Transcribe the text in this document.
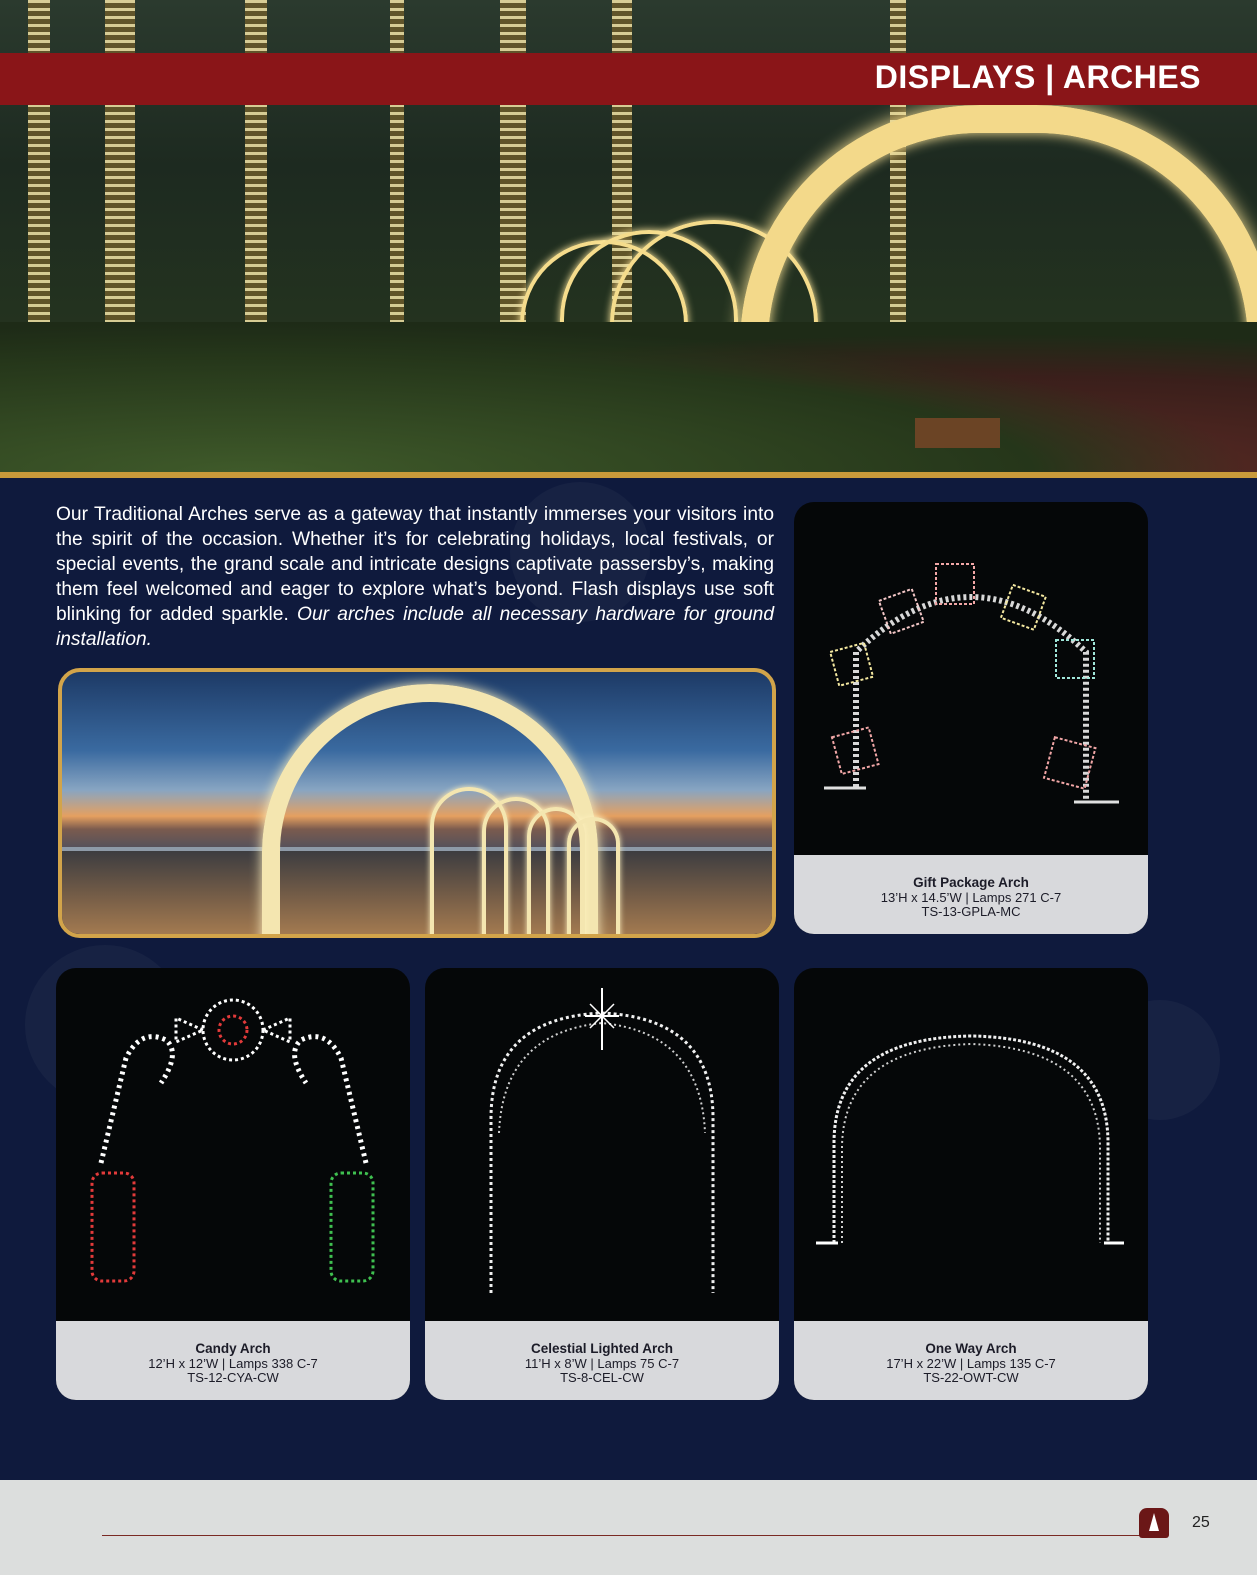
DISPLAYS | ARCHES
Our Traditional Arches serve as a gateway that instantly immerses your visitors into the spirit of the occasion. Whether it’s for celebrating holidays, local festivals, or special events, the grand scale and intricate designs captivate passersby’s, making them feel welcomed and eager to explore what’s beyond. Flash displays use soft blinking for added sparkle. Our arches include all necessary hardware for ground installation.
Gift Package Arch
13’H x 14.5’W | Lamps 271 C-7
TS-13-GPLA-MC
Candy Arch
12’H x 12’W | Lamps 338 C-7
TS-12-CYA-CW
Celestial Lighted Arch
11’H x 8’W | Lamps 75 C-7
TS-8-CEL-CW
One Way Arch
17’H x 22’W | Lamps 135 C-7
TS-22-OWT-CW
25
